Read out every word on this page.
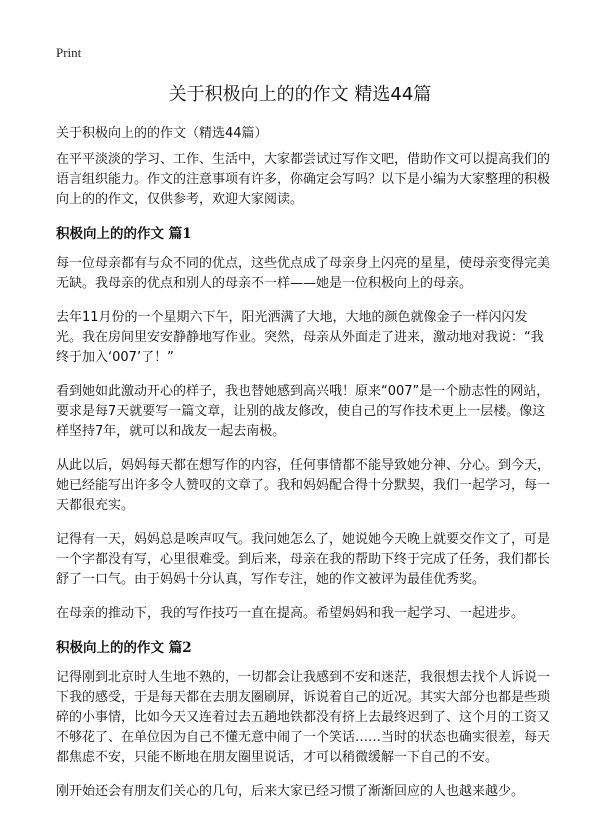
Print
关于积极向上的的作文 精选44篇

关于积极向上的的作文（精选44篇）

在平平淡淡的学习、工作、生活中，大家都尝试过写作文吧，借助作文可以提高我们的语言组织能力。作文的注意事项有许多，你确定会写吗？以下是小编为大家整理的积极向上的的作文，仅供参考，欢迎大家阅读。

积极向上的的作文 篇1

每一位母亲都有与众不同的优点，这些优点成了母亲身上闪亮的星星，使母亲变得完美无缺。我母亲的优点和别人的母亲不一样——她是一位积极向上的母亲。

去年11月份的一个星期六下午，阳光洒满了大地，大地的颜色就像金子一样闪闪发光。我在房间里安安静静地写作业。突然，母亲从外面走了进来，激动地对我说：“我终于加入‘007’了！”

看到她如此激动开心的样子，我也替她感到高兴哦！原来“007”是一个励志性的网站，要求是每7天就要写一篇文章，让别的战友修改，使自己的写作技术更上一层楼。像这样坚持7年，就可以和战友一起去南极。

从此以后，妈妈每天都在想写作的内容，任何事情都不能导致她分神、分心。到今天，她已经能写出许多令人赞叹的文章了。我和妈妈配合得十分默契，我们一起学习，每一天都很充实。

记得有一天，妈妈总是唉声叹气。我问她怎么了，她说她今天晚上就要交作文了，可是一个字都没有写，心里很难受。到后来，母亲在我的帮助下终于完成了任务，我们都长舒了一口气。由于妈妈十分认真，写作专注，她的作文被评为最佳优秀奖。

在母亲的推动下，我的写作技巧一直在提高。希望妈妈和我一起学习、一起进步。

积极向上的的作文 篇2

记得刚到北京时人生地不熟的，一切都会让我感到不安和迷茫，我很想去找个人诉说一下我的感受，于是每天都在去朋友圈刷屏，诉说着自己的近况。其实大部分也都是些琐碎的小事情，比如今天又连着过去五趟地铁都没有挤上去最终迟到了、这个月的工资又不够花了、在单位因为自己不懂无意中闹了一个笑话……当时的状态也确实很差，每天都焦虑不安，只能不断地在朋友圈里说话，才可以稍微缓解一下自己的不安。

刚开始还会有朋友们关心的几句，后来大家已经习惯了渐渐回应的人也越来越少。
